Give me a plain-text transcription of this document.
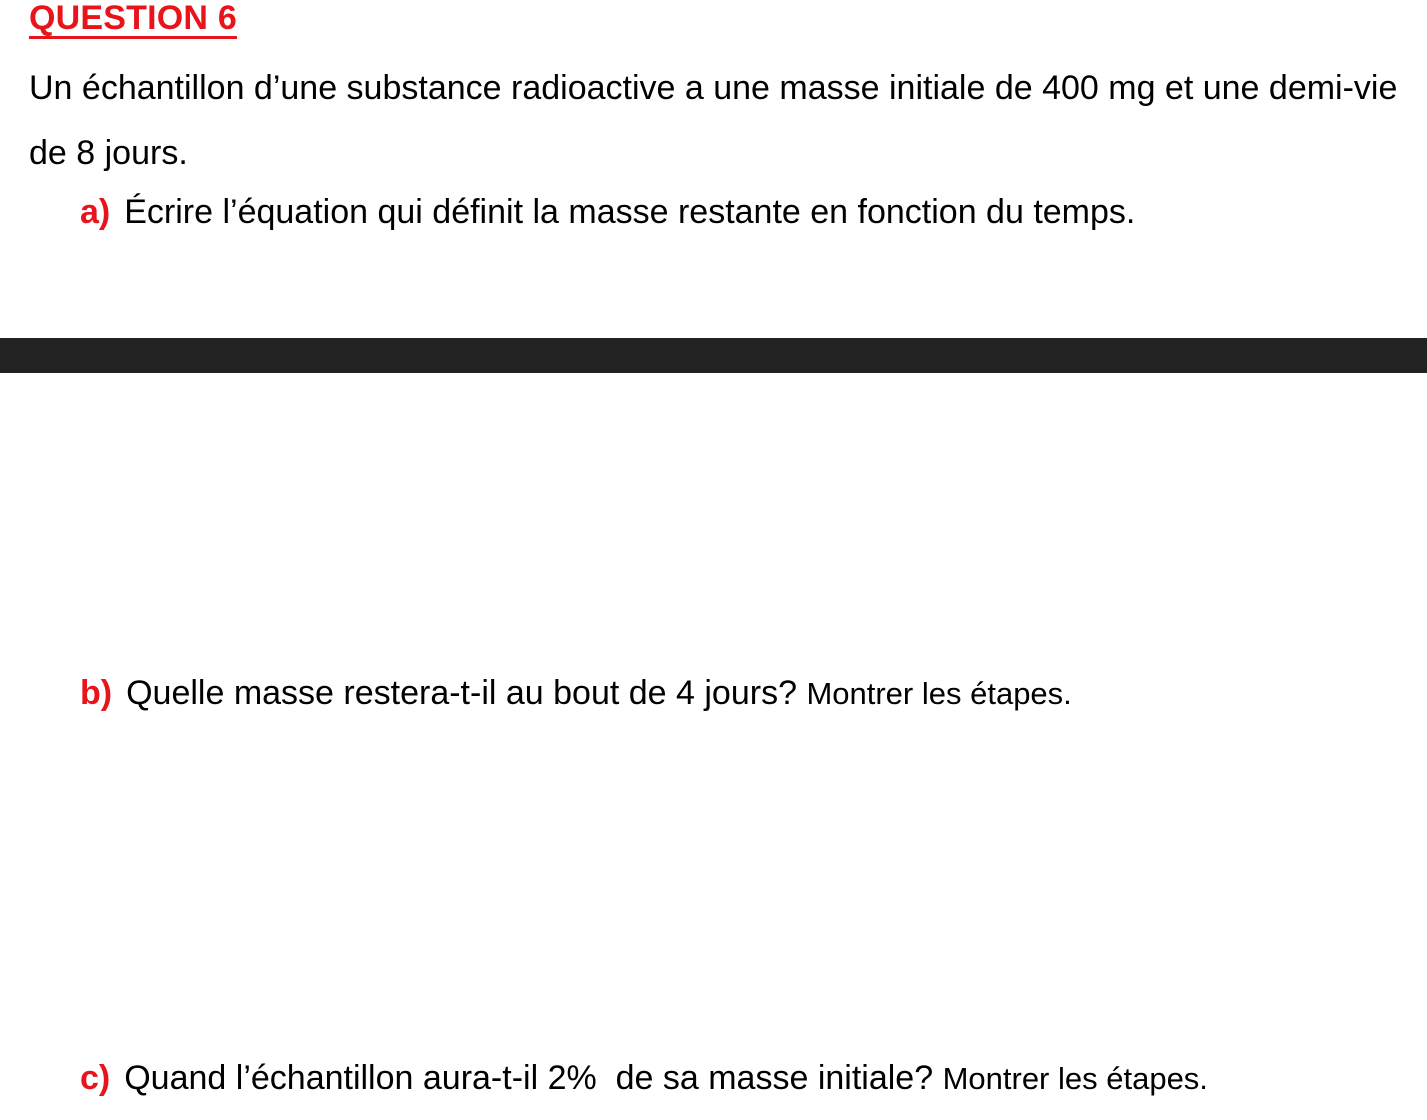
QUESTION 6
Un échantillon d’une substance radioactive a une masse initiale de 400 mg et une demi-vie de 8 jours.
a) Écrire l’équation qui définit la masse restante en fonction du temps.
b) Quelle masse restera-t-il au bout de 4 jours? Montrer les étapes.
c) Quand l’échantillon aura-t-il 2%  de sa masse initiale? Montrer les étapes.
